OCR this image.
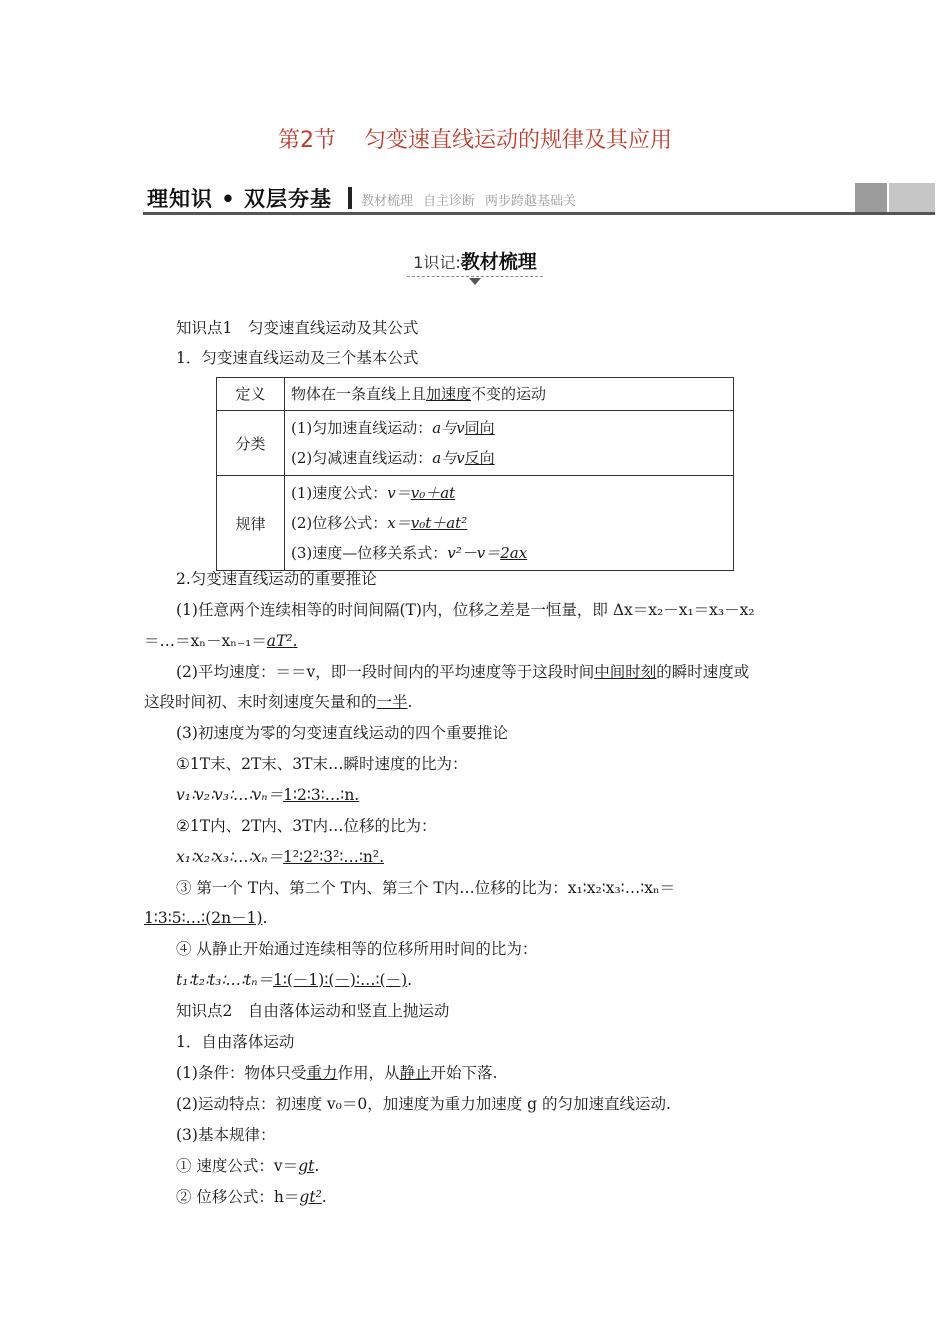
第2节 匀变速直线运动的规律及其应用
理知识 • 双层夯基 教材梳理 自主诊断 两步跨越基础关
1识记:教材梳理
知识点1　匀变速直线运动及其公式
1．匀变速直线运动及三个基本公式
定义	物体在一条直线上且加速度不变的运动
分类	(1)匀加速直线运动：a与v同向
(2)匀减速直线运动：a与v反向

规律	(1)速度公式：v＝v₀＋at
(2)位移公式：x＝v₀t＋at²
(3)速度—位移关系式：v²－v＝2ax
2.匀变速直线运动的重要推论
(1)任意两个连续相等的时间间隔(T)内，位移之差是一恒量，即 Δx＝x₂－x₁＝x₃－x₂
＝…＝xₙ－xₙ₋₁＝aT².
(2)平均速度：＝＝v，即一段时间内的平均速度等于这段时间中间时刻的瞬时速度或
这段时间初、末时刻速度矢量和的一半.
(3)初速度为零的匀变速直线运动的四个重要推论
①1T末、2T末、3T末…瞬时速度的比为：
v₁∶v₂∶v₃∶…∶vₙ＝1∶2∶3∶…∶n.
②1T内、2T内、3T内…位移的比为：
x₁∶x₂∶x₃∶…∶xₙ＝1²∶2²∶3²∶…∶n².
③ 第一个 T内、第二个 T内、第三个 T内…位移的比为：x₁∶x₂∶x₃∶…∶xₙ＝
1∶3∶5∶…∶(2n－1).
④ 从静止开始通过连续相等的位移所用时间的比为：
t₁∶t₂∶t₃∶…∶tₙ＝1∶(－1)∶(－)∶…∶(－).
知识点2　自由落体运动和竖直上抛运动
1．自由落体运动
(1)条件：物体只受重力作用，从静止开始下落.
(2)运动特点：初速度 v₀＝0，加速度为重力加速度 g 的匀加速直线运动.
(3)基本规律：
① 速度公式：v＝gt.
② 位移公式：h＝gt².
